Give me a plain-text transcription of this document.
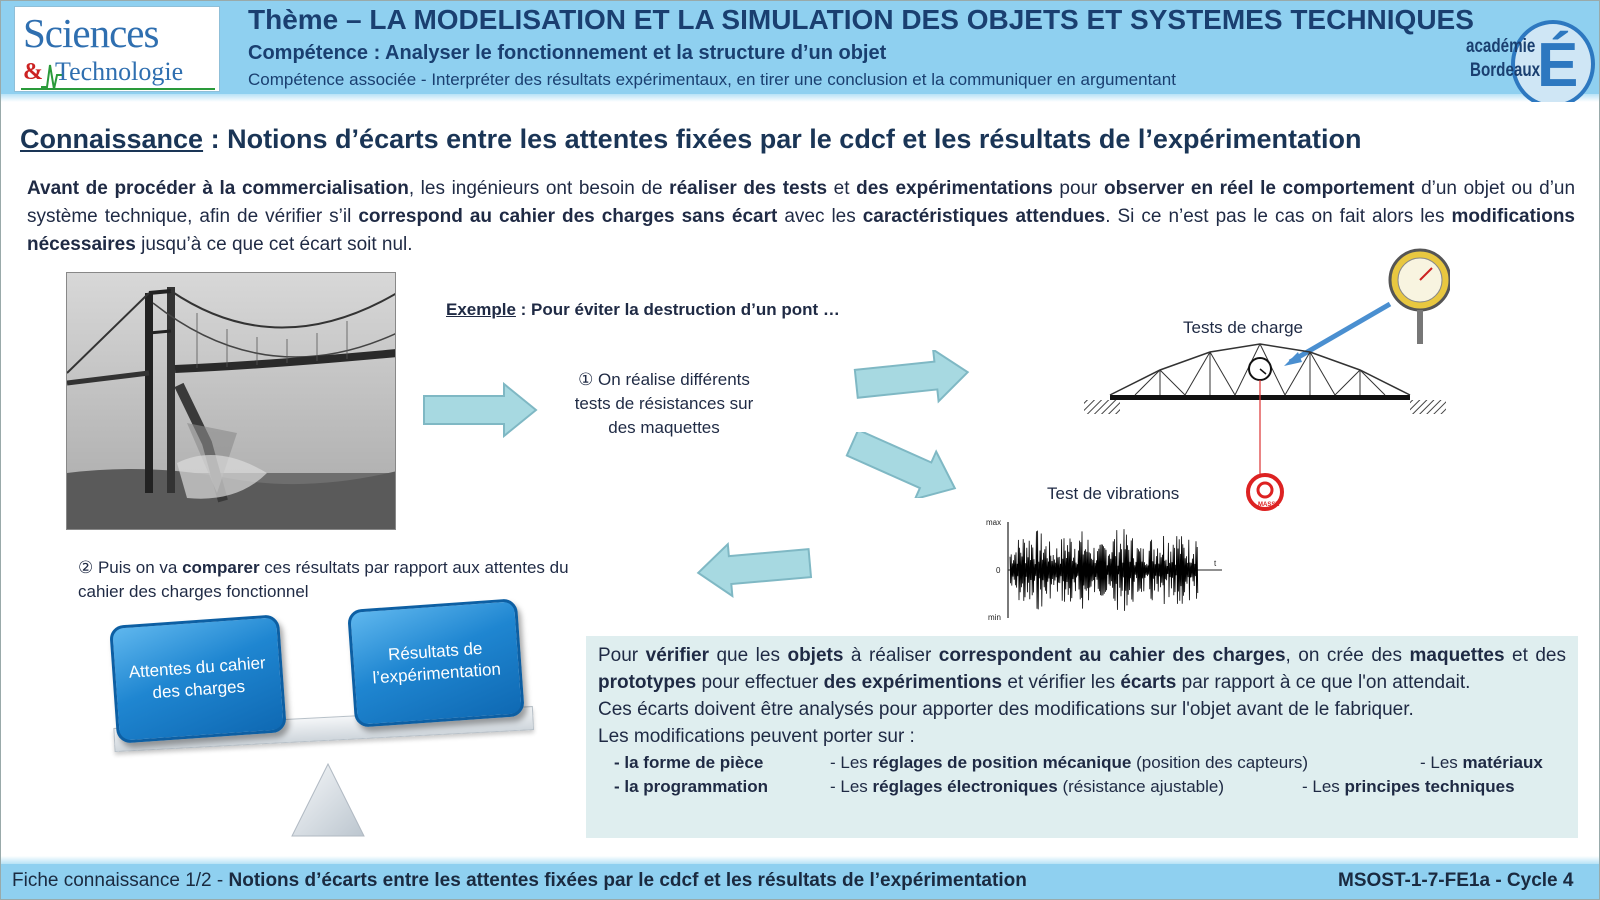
Sciences
& Technologie
Thème – LA MODELISATION ET LA SIMULATION DES OBJETS ET SYSTEMES TECHNIQUES
Compétence : Analyser le fonctionnement et la structure d’un objet
Compétence associée - Interpréter des résultats expérimentaux, en tirer une conclusion et la communiquer en argumentant	É
académie
Bordeaux
Connaissance : Notions d’écarts entre les attentes fixées par le cdcf et les résultats de l’expérimentation
Avant de procéder à la commercialisation, les ingénieurs ont besoin de réaliser des tests et des expérimentations pour observer en réel le comportement d’un objet ou d’un système technique, afin de vérifier s’il correspond au cahier des charges sans écart avec les caractéristiques attendues. Si ce n’est pas le cas on fait alors les modifications nécessaires jusqu’à ce que cet écart soit nul.
Exemple : Pour éviter la destruction d’un pont …
① On réalise différents tests de résistances sur des maquettes
Tests de charge
MASSE
Test de vibrations
max
0
min
t
② Puis on va comparer ces résultats par rapport aux attentes du cahier des charges fonctionnel
Attentes du cahier des charges
Résultats de l’expérimentation

Pour vérifier que les objets à réaliser correspondent au cahier des charges, on crée des maquettes et des prototypes pour effectuer des expérimentions et vérifier les écarts par rapport à ce que l'on attendait.

Ces écarts doivent être analysés pour apporter des modifications sur l'objet avant de le fabriquer.

Les modifications peuvent porter sur :

- la forme de pièce	- Les réglages de position mécanique (position des capteurs)	- Les matériaux
- la programmation	- Les réglages électroniques (résistance ajustable)	- Les principes techniques
Fiche connaissance 1/2 - Notions d’écarts entre les attentes fixées par le cdcf et les résultats de l’expérimentation	MSOST-1-7-FE1a - Cycle 4
